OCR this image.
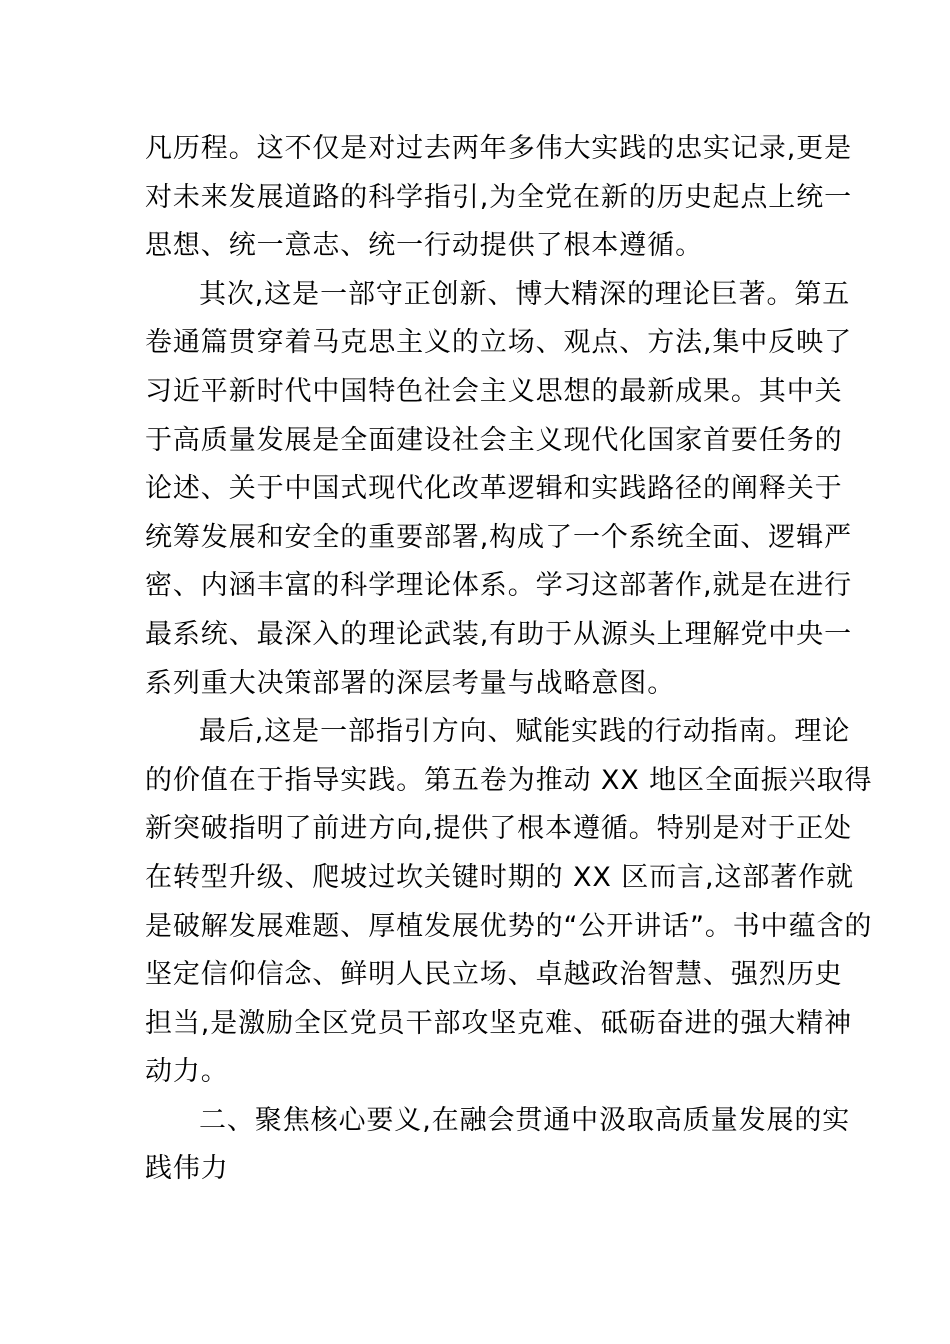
凡历程。这不仅是对过去两年多伟大实践的忠实记录,更是
对未来发展道路的科学指引,为全党在新的历史起点上统一
思想、统一意志、统一行动提供了根本遵循。
其次,这是一部守正创新、博大精深的理论巨著。第五
卷通篇贯穿着马克思主义的立场、观点、方法,集中反映了
习近平新时代中国特色社会主义思想的最新成果。其中关
于高质量发展是全面建设社会主义现代化国家首要任务的
论述、关于中国式现代化改革逻辑和实践路径的阐释关于
统筹发展和安全的重要部署,构成了一个系统全面、逻辑严
密、内涵丰富的科学理论体系。学习这部著作,就是在进行
最系统、最深入的理论武装,有助于从源头上理解党中央一
系列重大决策部署的深层考量与战略意图。
最后,这是一部指引方向、赋能实践的行动指南。理论
的价值在于指导实践。第五卷为推动 XX 地区全面振兴取得
新突破指明了前进方向,提供了根本遵循。特别是对于正处
在转型升级、爬坡过坎关键时期的 XX 区而言,这部著作就
是破解发展难题、厚植发展优势的“公开讲话”。书中蕴含的
坚定信仰信念、鲜明人民立场、卓越政治智慧、强烈历史
担当,是激励全区党员干部攻坚克难、砥砺奋进的强大精神
动力。
二、聚焦核心要义,在融会贯通中汲取高质量发展的实
践伟力
